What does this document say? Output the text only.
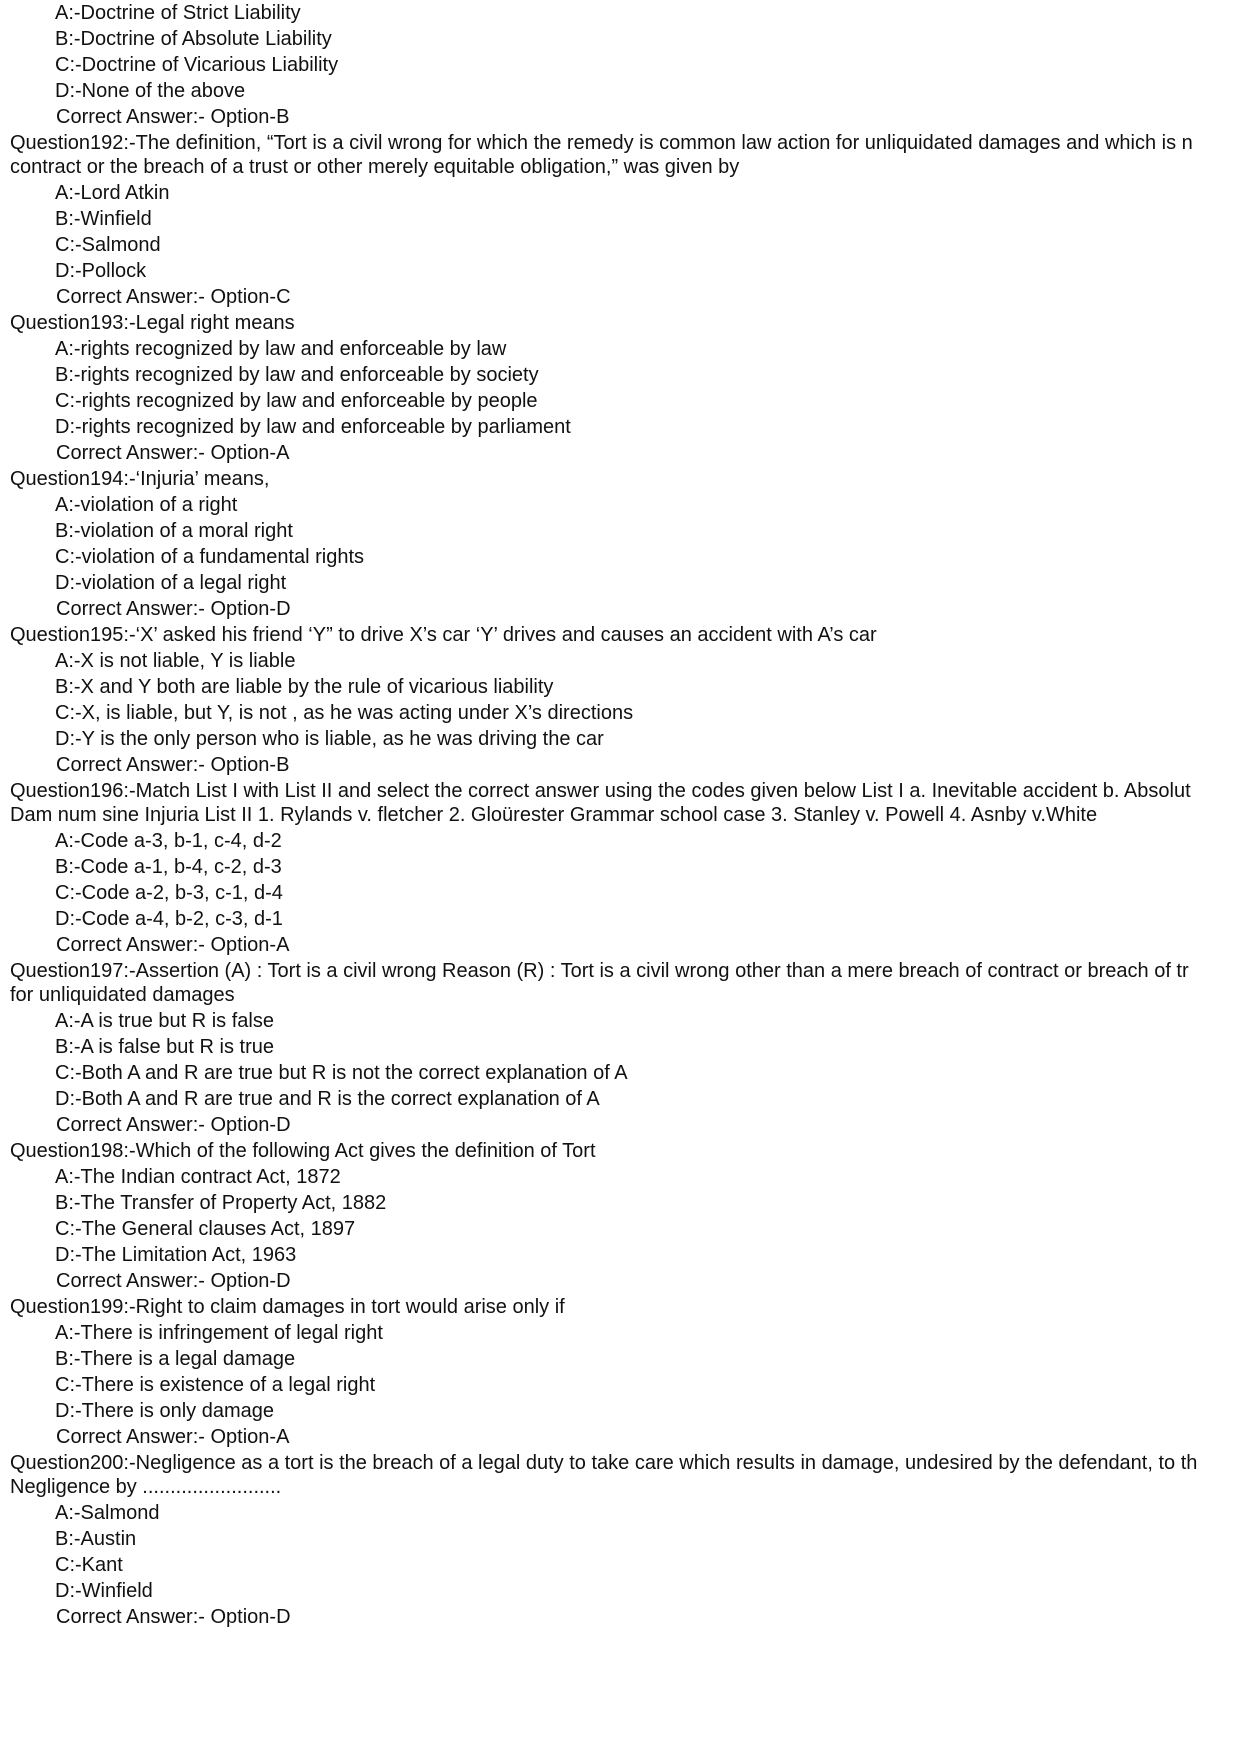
A:-Doctrine of Strict Liability
B:-Doctrine of Absolute Liability
C:-Doctrine of Vicarious Liability
D:-None of the above
Correct Answer:- Option-B
Question192:-The definition, “Tort is a civil wrong for which the remedy is common law action for unliquidated damages and which is n
contract or the breach of a trust or other merely equitable obligation,” was given by
A:-Lord Atkin
B:-Winfield
C:-Salmond
D:-Pollock
Correct Answer:- Option-C
Question193:-Legal right means
A:-rights recognized by law and enforceable by law
B:-rights recognized by law and enforceable by society
C:-rights recognized by law and enforceable by people
D:-rights recognized by law and enforceable by parliament
Correct Answer:- Option-A
Question194:-‘Injuria’ means,
A:-violation of a right
B:-violation of a moral right
C:-violation of a fundamental rights
D:-violation of a legal right
Correct Answer:- Option-D
Question195:-‘X’ asked his friend ‘Y” to drive X’s car ‘Y’ drives and causes an accident with A’s car
A:-X is not liable, Y is liable
B:-X and Y both are liable by the rule of vicarious liability
C:-X, is liable, but Y, is not , as he was acting under X’s directions
D:-Y is the only person who is liable, as he was driving the car
Correct Answer:- Option-B
Question196:-Match List I with List II and select the correct answer using the codes given below List I a. Inevitable accident b. Absolut
Dam num sine Injuria List II 1. Rylands v. fletcher 2. Gloürester Grammar school case 3. Stanley v. Powell 4. Asnby v.White
A:-Code a-3, b-1, c-4, d-2
B:-Code a-1, b-4, c-2, d-3
C:-Code a-2, b-3, c-1, d-4
D:-Code a-4, b-2, c-3, d-1
Correct Answer:- Option-A
Question197:-Assertion (A) : Tort is a civil wrong Reason (R) : Tort is a civil wrong other than a mere breach of contract or breach of tr
for unliquidated damages
A:-A is true but R is false
B:-A is false but R is true
C:-Both A and R are true but R is not the correct explanation of A
D:-Both A and R are true and R is the correct explanation of A
Correct Answer:- Option-D
Question198:-Which of the following Act gives the definition of Tort
A:-The Indian contract Act, 1872
B:-The Transfer of Property Act, 1882
C:-The General clauses Act, 1897
D:-The Limitation Act, 1963
Correct Answer:- Option-D
Question199:-Right to claim damages in tort would arise only if
A:-There is infringement of legal right
B:-There is a legal damage
C:-There is existence of a legal right
D:-There is only damage
Correct Answer:- Option-A
Question200:-Negligence as a tort is the breach of a legal duty to take care which results in damage, undesired by the defendant, to th
Negligence by .........................
A:-Salmond
B:-Austin
C:-Kant
D:-Winfield
Correct Answer:- Option-D
